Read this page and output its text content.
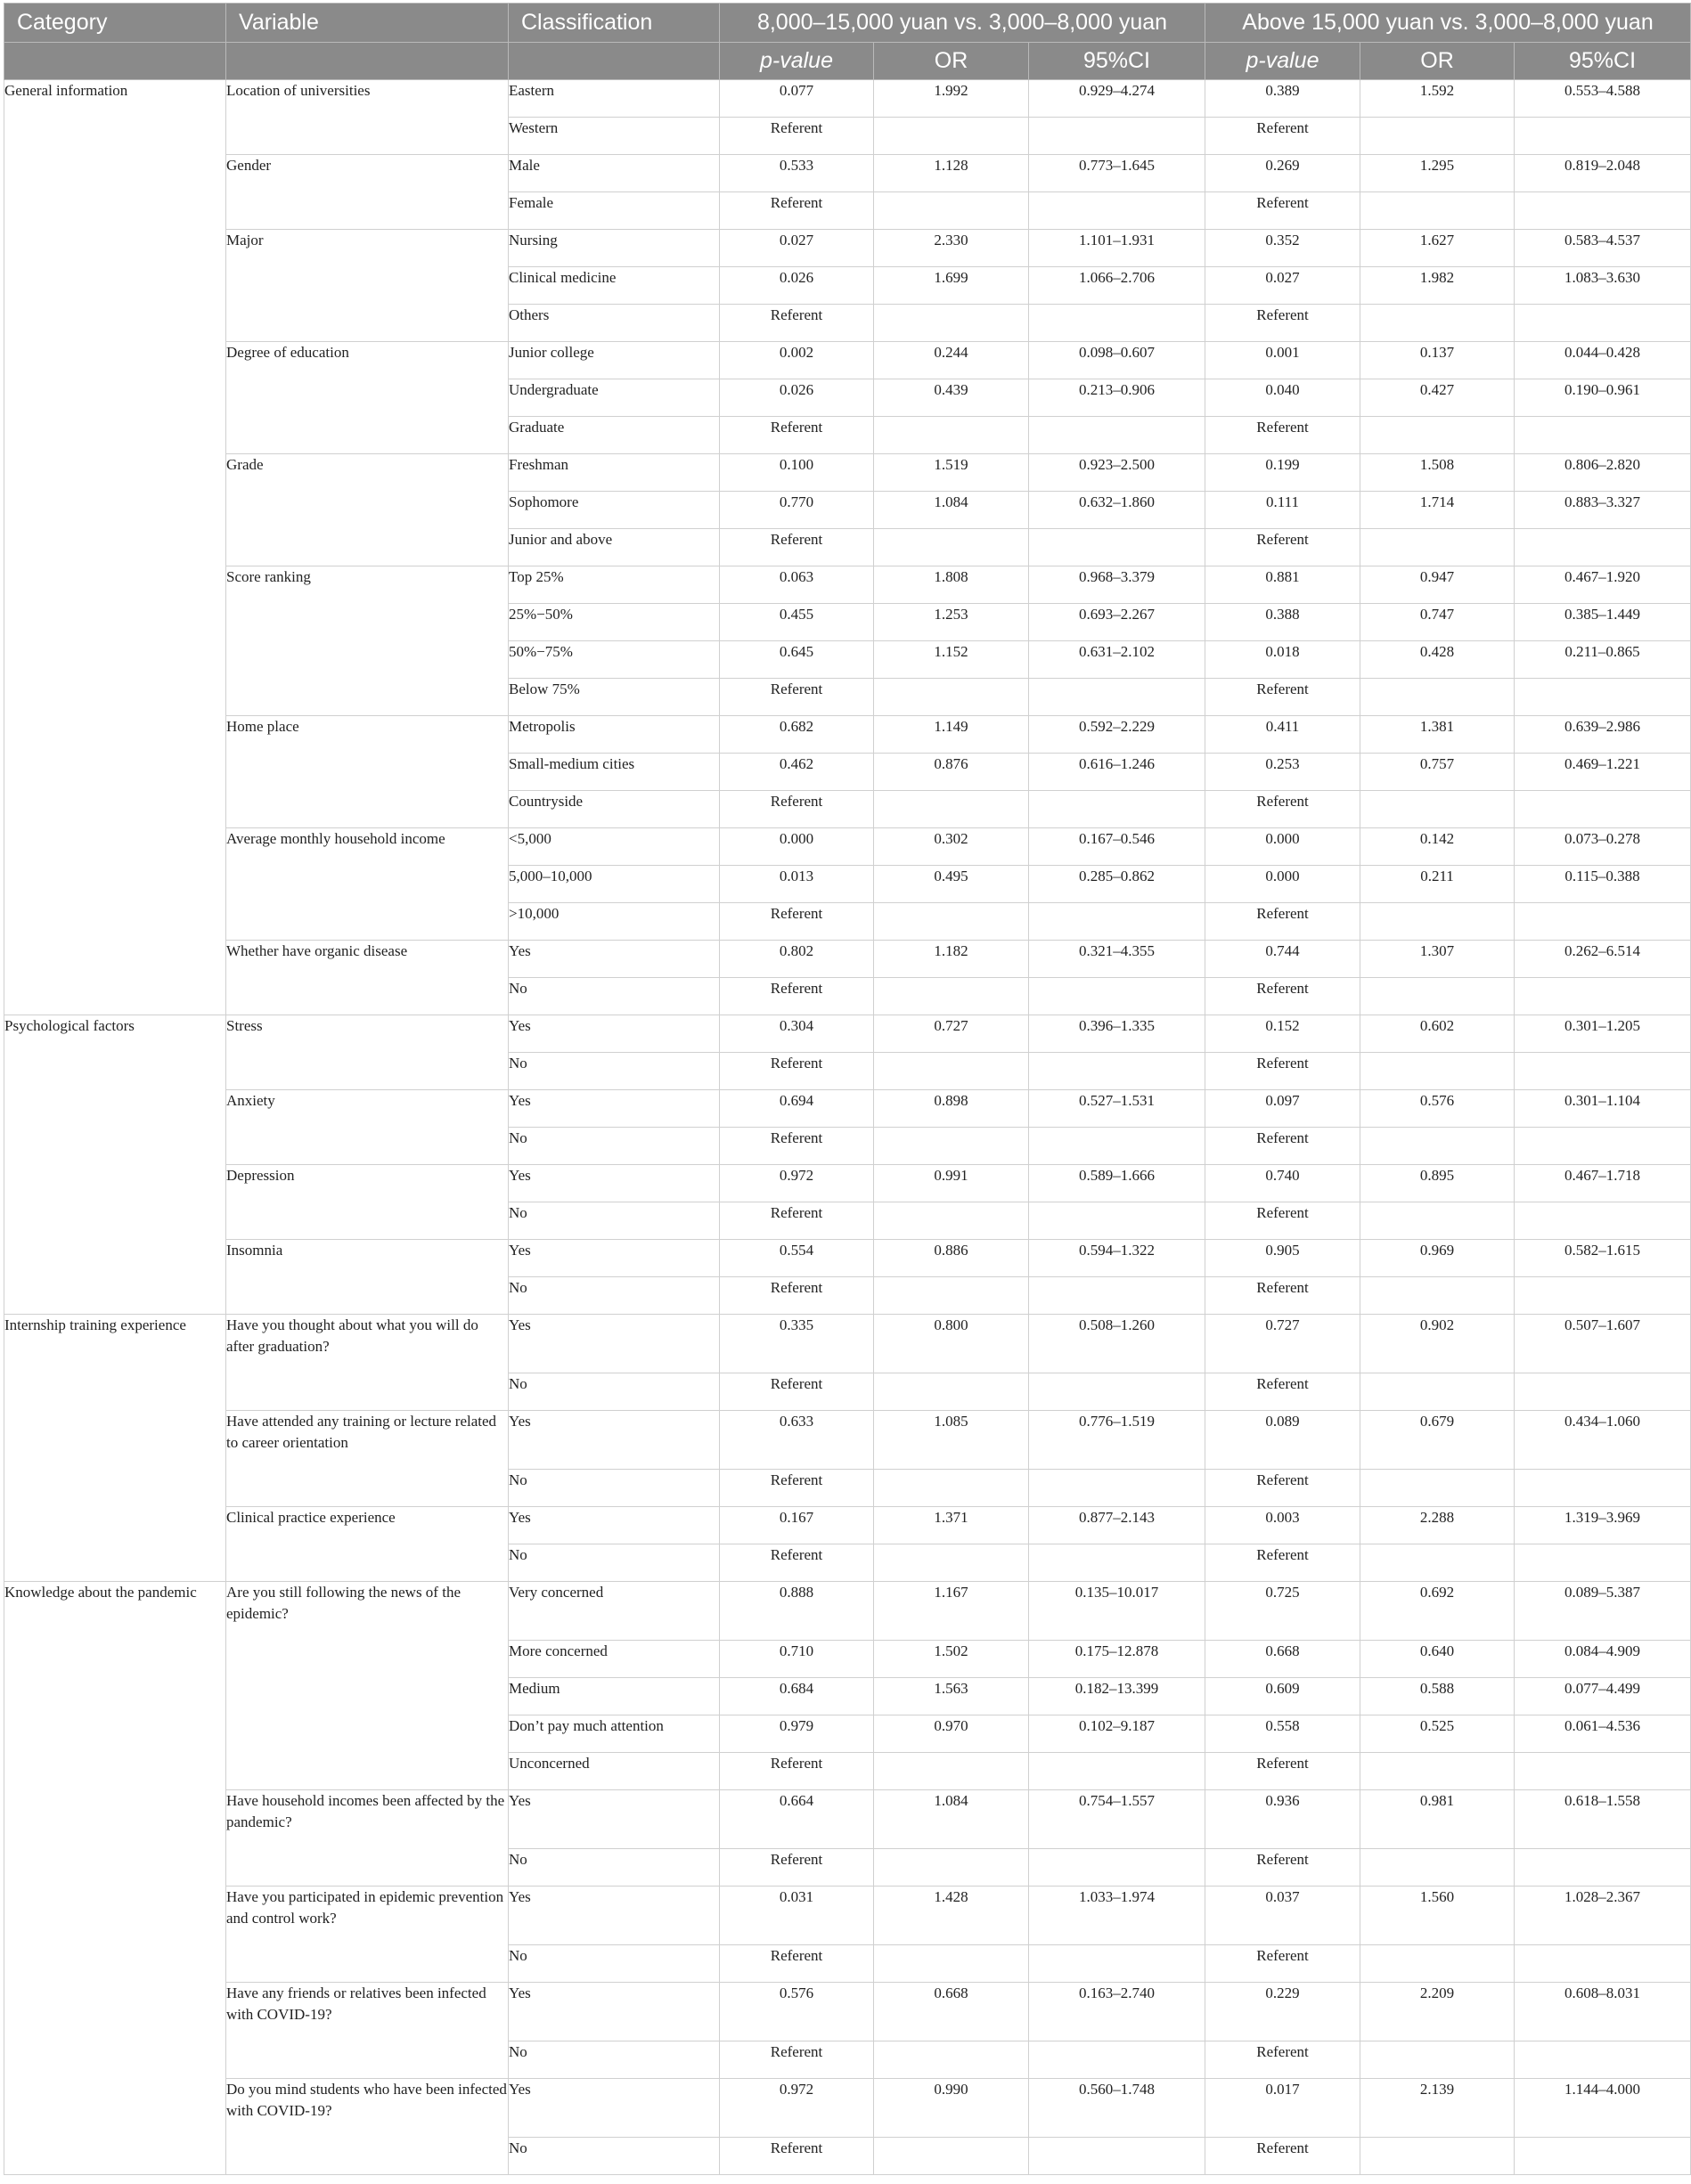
Category	Variable	Classification	8,000–15,000 yuan vs. 3,000–8,000 yuan			Above 15,000 yuan vs. 3,000–8,000 yuan		
			p-value	OR	95%CI	p-value	OR	95%CI
General information	Location of universities	Eastern	0.077	1.992	0.929–4.274	0.389	1.592	0.553–4.588
		Western	Referent			Referent		
	Gender	Male	0.533	1.128	0.773–1.645	0.269	1.295	0.819–2.048
		Female	Referent			Referent		
	Major	Nursing	0.027	2.330	1.101–1.931	0.352	1.627	0.583–4.537
		Clinical medicine	0.026	1.699	1.066–2.706	0.027	1.982	1.083–3.630
		Others	Referent			Referent		
	Degree of education	Junior college	0.002	0.244	0.098–0.607	0.001	0.137	0.044–0.428
		Undergraduate	0.026	0.439	0.213–0.906	0.040	0.427	0.190–0.961
		Graduate	Referent			Referent		
	Grade	Freshman	0.100	1.519	0.923–2.500	0.199	1.508	0.806–2.820
		Sophomore	0.770	1.084	0.632–1.860	0.111	1.714	0.883–3.327
		Junior and above	Referent			Referent		
	Score ranking	Top 25%	0.063	1.808	0.968–3.379	0.881	0.947	0.467–1.920
		25%−50%	0.455	1.253	0.693–2.267	0.388	0.747	0.385–1.449
		50%−75%	0.645	1.152	0.631–2.102	0.018	0.428	0.211–0.865
		Below 75%	Referent			Referent		
	Home place	Metropolis	0.682	1.149	0.592–2.229	0.411	1.381	0.639–2.986
		Small-medium cities	0.462	0.876	0.616–1.246	0.253	0.757	0.469–1.221
		Countryside	Referent			Referent		
	Average monthly household income	<5,000	0.000	0.302	0.167–0.546	0.000	0.142	0.073–0.278
		5,000–10,000	0.013	0.495	0.285–0.862	0.000	0.211	0.115–0.388
		>10,000	Referent			Referent		
	Whether have organic disease	Yes	0.802	1.182	0.321–4.355	0.744	1.307	0.262–6.514
		No	Referent			Referent		
Psychological factors	Stress	Yes	0.304	0.727	0.396–1.335	0.152	0.602	0.301–1.205
		No	Referent			Referent		
	Anxiety	Yes	0.694	0.898	0.527–1.531	0.097	0.576	0.301–1.104
		No	Referent			Referent		
	Depression	Yes	0.972	0.991	0.589–1.666	0.740	0.895	0.467–1.718
		No	Referent			Referent		
	Insomnia	Yes	0.554	0.886	0.594–1.322	0.905	0.969	0.582–1.615
		No	Referent			Referent		
Internship training experience	Have you thought about what you will do after graduation?	Yes	0.335	0.800	0.508–1.260	0.727	0.902	0.507–1.607
		No	Referent			Referent		
	Have attended any training or lecture related to career orientation	Yes	0.633	1.085	0.776–1.519	0.089	0.679	0.434–1.060
		No	Referent			Referent		
	Clinical practice experience	Yes	0.167	1.371	0.877–2.143	0.003	2.288	1.319–3.969
		No	Referent			Referent		
Knowledge about the pandemic	Are you still following the news of the epidemic?	Very concerned	0.888	1.167	0.135–10.017	0.725	0.692	0.089–5.387
		More concerned	0.710	1.502	0.175–12.878	0.668	0.640	0.084–4.909
		Medium	0.684	1.563	0.182–13.399	0.609	0.588	0.077–4.499
		Don’t pay much attention	0.979	0.970	0.102–9.187	0.558	0.525	0.061–4.536
		Unconcerned	Referent			Referent		
	Have household incomes been affected by the pandemic?	Yes	0.664	1.084	0.754–1.557	0.936	0.981	0.618–1.558
		No	Referent			Referent		
	Have you participated in epidemic prevention and control work?	Yes	0.031	1.428	1.033–1.974	0.037	1.560	1.028–2.367
		No	Referent			Referent		
	Have any friends or relatives been infected with COVID-19?	Yes	0.576	0.668	0.163–2.740	0.229	2.209	0.608–8.031
		No	Referent			Referent		
	Do you mind students who have been infected with COVID-19?	Yes	0.972	0.990	0.560–1.748	0.017	2.139	1.144–4.000
		No	Referent			Referent		
